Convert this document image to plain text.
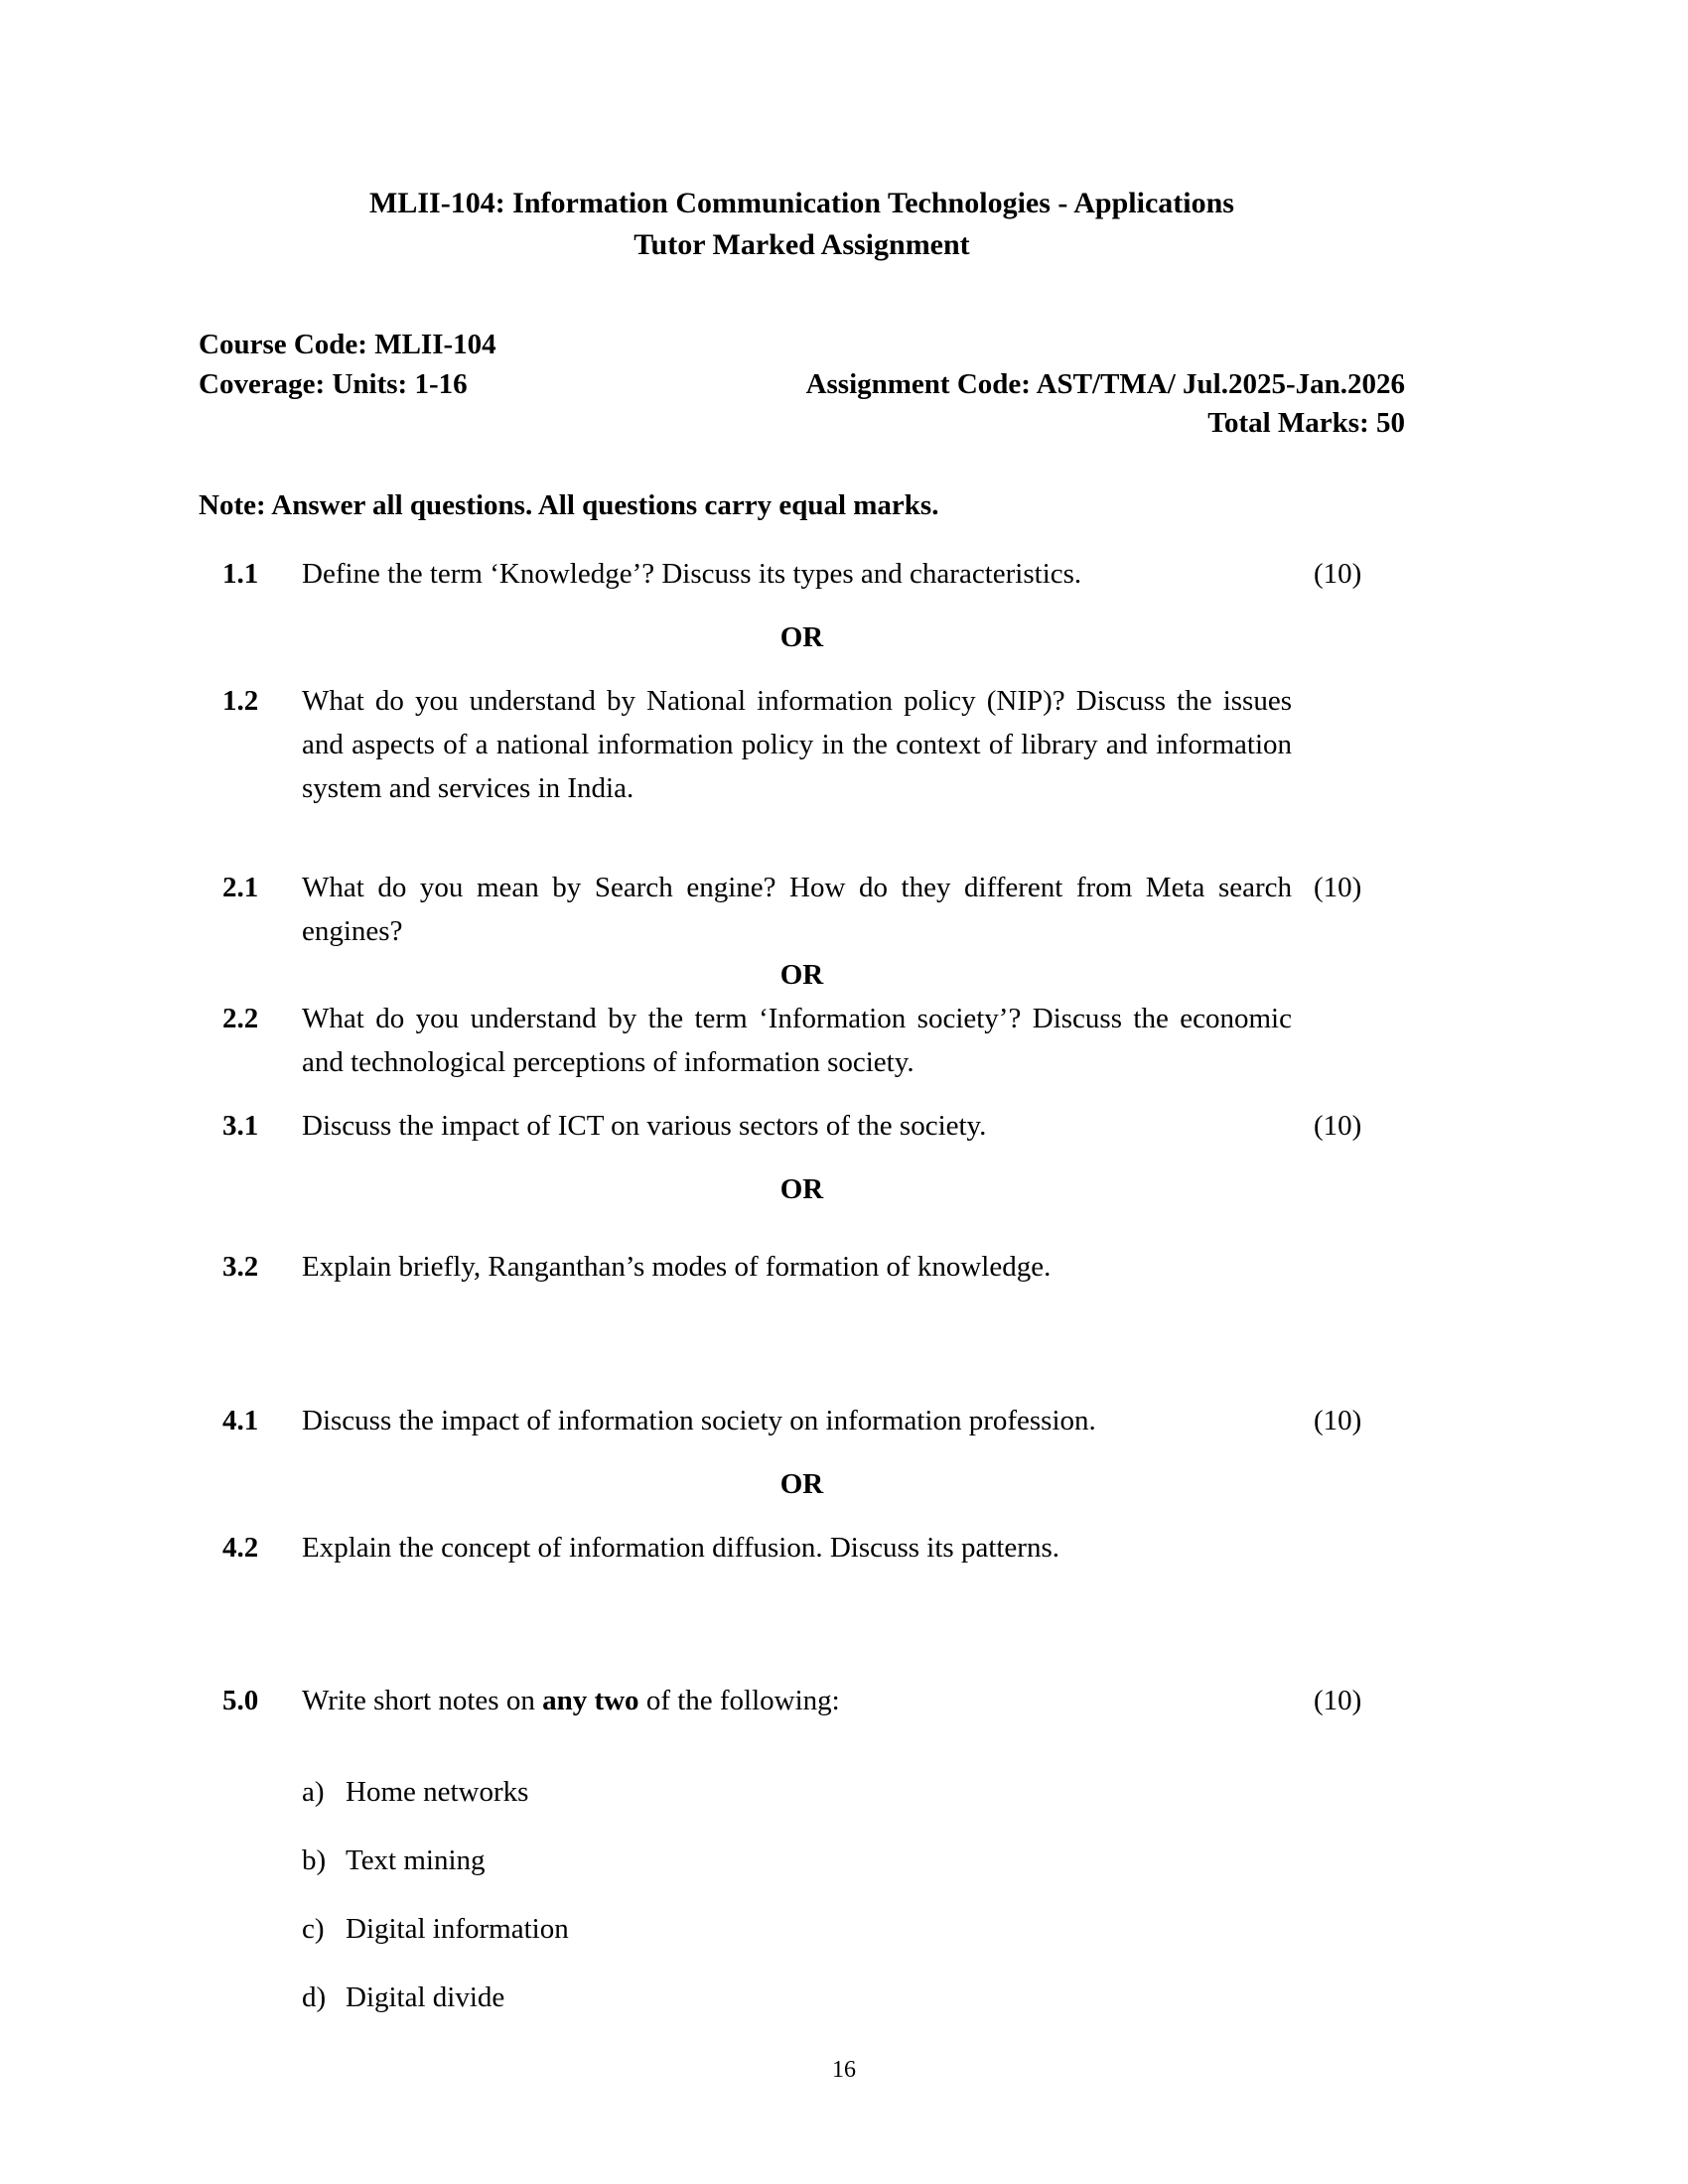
MLII-104: Information Communication Technologies - Applications
Tutor Marked Assignment
Course Code: MLII-104
Coverage: Units: 1-16	Assignment Code: AST/TMA/ Jul.2025-Jan.2026
Total Marks: 50
Note: Answer all questions. All questions carry equal marks.
1.1	Define the term ‘Knowledge’? Discuss its types and characteristics.	(10)
OR
1.2	What do you understand by National information policy (NIP)? Discuss the issues and aspects of a national information policy in the context of library and information system and services in India.
2.1	What do you mean by Search engine? How do they different from Meta search engines?
(10)
OR
2.2	What do you understand by the term ‘Information society’? Discuss the economic and technological perceptions of information society.
3.1	Discuss the impact of ICT on various sectors of the society.	(10)
OR
3.2	Explain briefly, Ranganthan’s modes of formation of knowledge.
4.1	Discuss the impact of information society on information profession.	(10)
OR
4.2	Explain the concept of information diffusion. Discuss its patterns.
5.0	Write short notes on any two of the following:	(10)
a) Home networks
b) Text mining
c) Digital information
d) Digital divide
16
